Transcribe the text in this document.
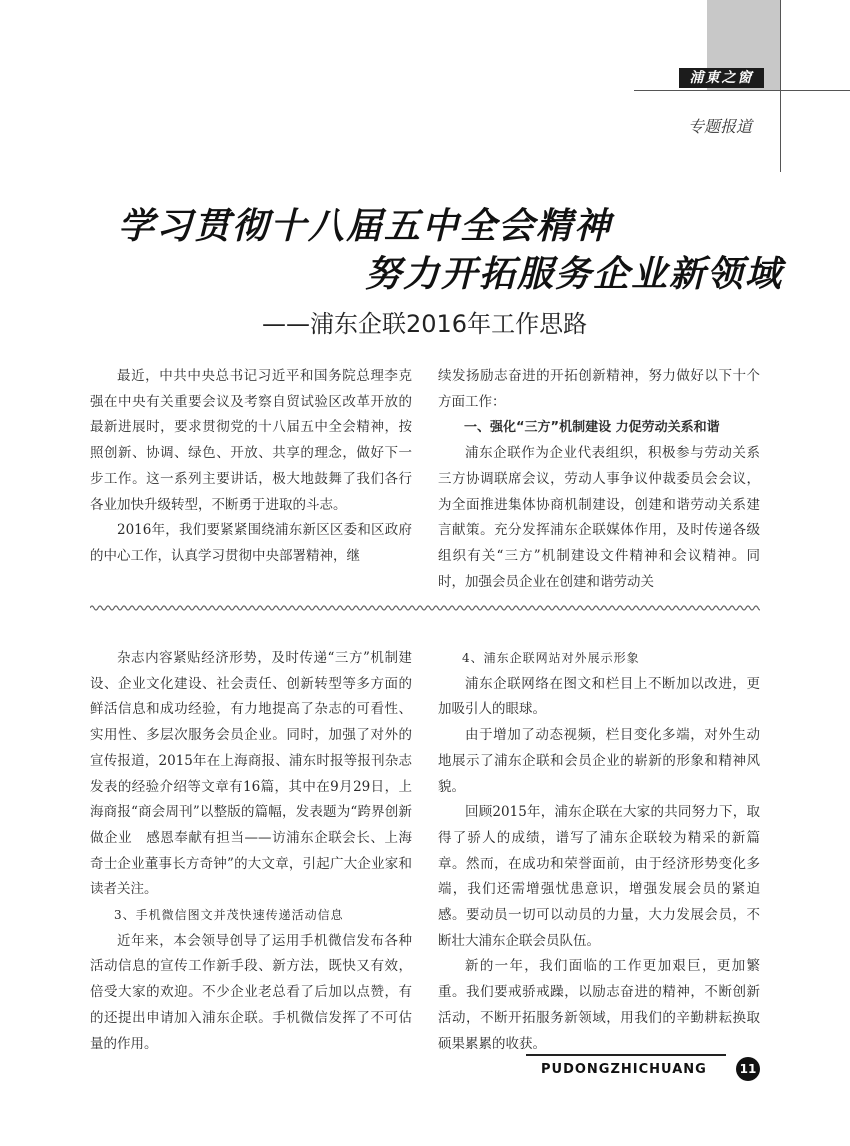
浦東之窗
专题报道
学习贯彻十八届五中全会精神
努力开拓服务企业新领域
——浦东企联2016年工作思路

最近，中共中央总书记习近平和国务院总理李克强在中央有关重要会议及考察自贸试验区改革开放的最新进展时，要求贯彻党的十八届五中全会精神，按照创新、协调、绿色、开放、共享的理念，做好下一步工作。这一系列主要讲话，极大地鼓舞了我们各行各业加快升级转型，不断勇于进取的斗志。

2016年，我们要紧紧围绕浦东新区区委和区政府的中心工作，认真学习贯彻中央部署精神，继

续发扬励志奋进的开拓创新精神，努力做好以下十个方面工作：

一、强化“三方”机制建设 力促劳动关系和谐

浦东企联作为企业代表组织，积极参与劳动关系三方协调联席会议，劳动人事争议仲裁委员会会议，为全面推进集体协商机制建设，创建和谐劳动关系建言献策。充分发挥浦东企联媒体作用，及时传递各级组织有关“三方”机制建设文件精神和会议精神。同时，加强会员企业在创建和谐劳动关

杂志内容紧贴经济形势，及时传递“三方”机制建设、企业文化建设、社会责任、创新转型等多方面的鲜活信息和成功经验，有力地提高了杂志的可看性、实用性、多层次服务会员企业。同时，加强了对外的宣传报道，2015年在上海商报、浦东时报等报刊杂志发表的经验介绍等文章有16篇，其中在9月29日，上海商报“商会周刊”以整版的篇幅，发表题为“跨界创新做企业　感恩奉献有担当——访浦东企联会长、上海奇士企业董事长方奇钟”的大文章，引起广大企业家和读者关注。

3、手机微信图文并茂快速传递活动信息

近年来，本会领导创导了运用手机微信发布各种活动信息的宣传工作新手段、新方法，既快又有效，倍受大家的欢迎。不少企业老总看了后加以点赞，有的还提出申请加入浦东企联。手机微信发挥了不可估量的作用。

4、浦东企联网站对外展示形象

浦东企联网络在图文和栏目上不断加以改进，更加吸引人的眼球。

由于增加了动态视频，栏目变化多端，对外生动地展示了浦东企联和会员企业的崭新的形象和精神风貌。

回顾2015年，浦东企联在大家的共同努力下，取得了骄人的成绩，谱写了浦东企联较为精采的新篇章。然而，在成功和荣誉面前，由于经济形势变化多端，我们还需增强忧患意识，增强发展会员的紧迫感。要动员一切可以动员的力量，大力发展会员，不断壮大浦东企联会员队伍。

新的一年，我们面临的工作更加艰巨，更加繁重。我们要戒骄戒躁，以励志奋进的精神，不断创新活动，不断开拓服务新领域，用我们的辛勤耕耘换取硕果累累的收获。

PUDONGZHICHUANG	11
